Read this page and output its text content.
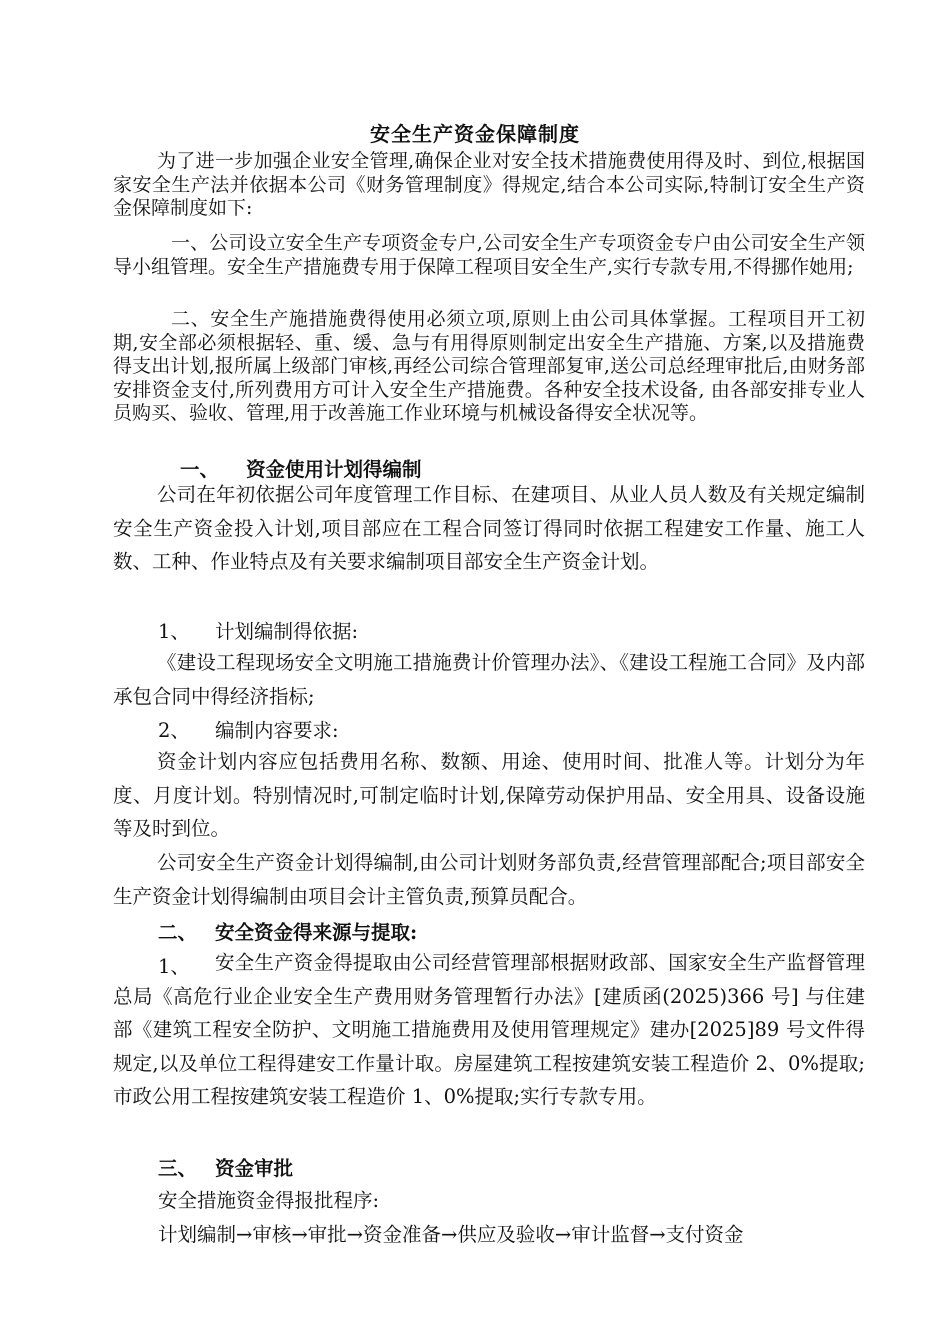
安全生产资金保障制度

为了进一步加强企业安全管理,确保企业对安全技术措施费使用得及时、到位,根据国家安全生产法并依据本公司《财务管理制度》得规定,结合本公司实际,特制订安全生产资金保障制度如下:

一、公司设立安全生产专项资金专户,公司安全生产专项资金专户由公司安全生产领导小组管理。安全生产措施费专用于保障工程项目安全生产,实行专款专用,不得挪作她用;

二、安全生产施措施费得使用必须立项,原则上由公司具体掌握。工程项目开工初期,安全部必须根据轻、重、缓、急与有用得原则制定出安全生产措施、方案,以及措施费得支出计划,报所属上级部门审核,再经公司综合管理部复审,送公司总经理审批后,由财务部安排资金支付,所列费用方可计入安全生产措施费。各种安全技术设备, 由各部安排专业人员购买、验收、管理,用于改善施工作业环境与机械设备得安全状况等。

一、 资金使用计划得编制

公司在年初依据公司年度管理工作目标、在建项目、从业人员人数及有关规定编制安全生产资金投入计划,项目部应在工程合同签订得同时依据工程建安工作量、施工人数、工种、作业特点及有关要求编制项目部安全生产资金计划。

1、 计划编制得依据:

《建设工程现场安全文明施工措施费计价管理办法》、《建设工程施工合同》及内部承包合同中得经济指标;

2、 编制内容要求:

资金计划内容应包括费用名称、数额、用途、使用时间、批准人等。计划分为年度、月度计划。特别情况时,可制定临时计划,保障劳动保护用品、安全用具、设备设施等及时到位。

公司安全生产资金计划得编制,由公司计划财务部负责,经营管理部配合;项目部安全生产资金计划得编制由项目会计主管负责,预算员配合。

二、 安全资金得来源与提取:
1、	安全生产资金得提取由公司经营管理部根据财政部、国家安全生产监督管理总局《高危行业企业安全生产费用财务管理暂行办法》[建质函(2025)366 号] 与住建部《建筑工程安全防护、文明施工措施费用及使用管理规定》建办[2025]89 号文件得规定,以及单位工程得建安工作量计取。房屋建筑工程按建筑安装工程造价 2、0%提取;市政公用工程按建筑安装工程造价 1、0%提取;实行专款专用。

三、 资金审批
安全措施资金得报批程序:
计划编制→审核→审批→资金准备→供应及验收→审计监督→支付资金
